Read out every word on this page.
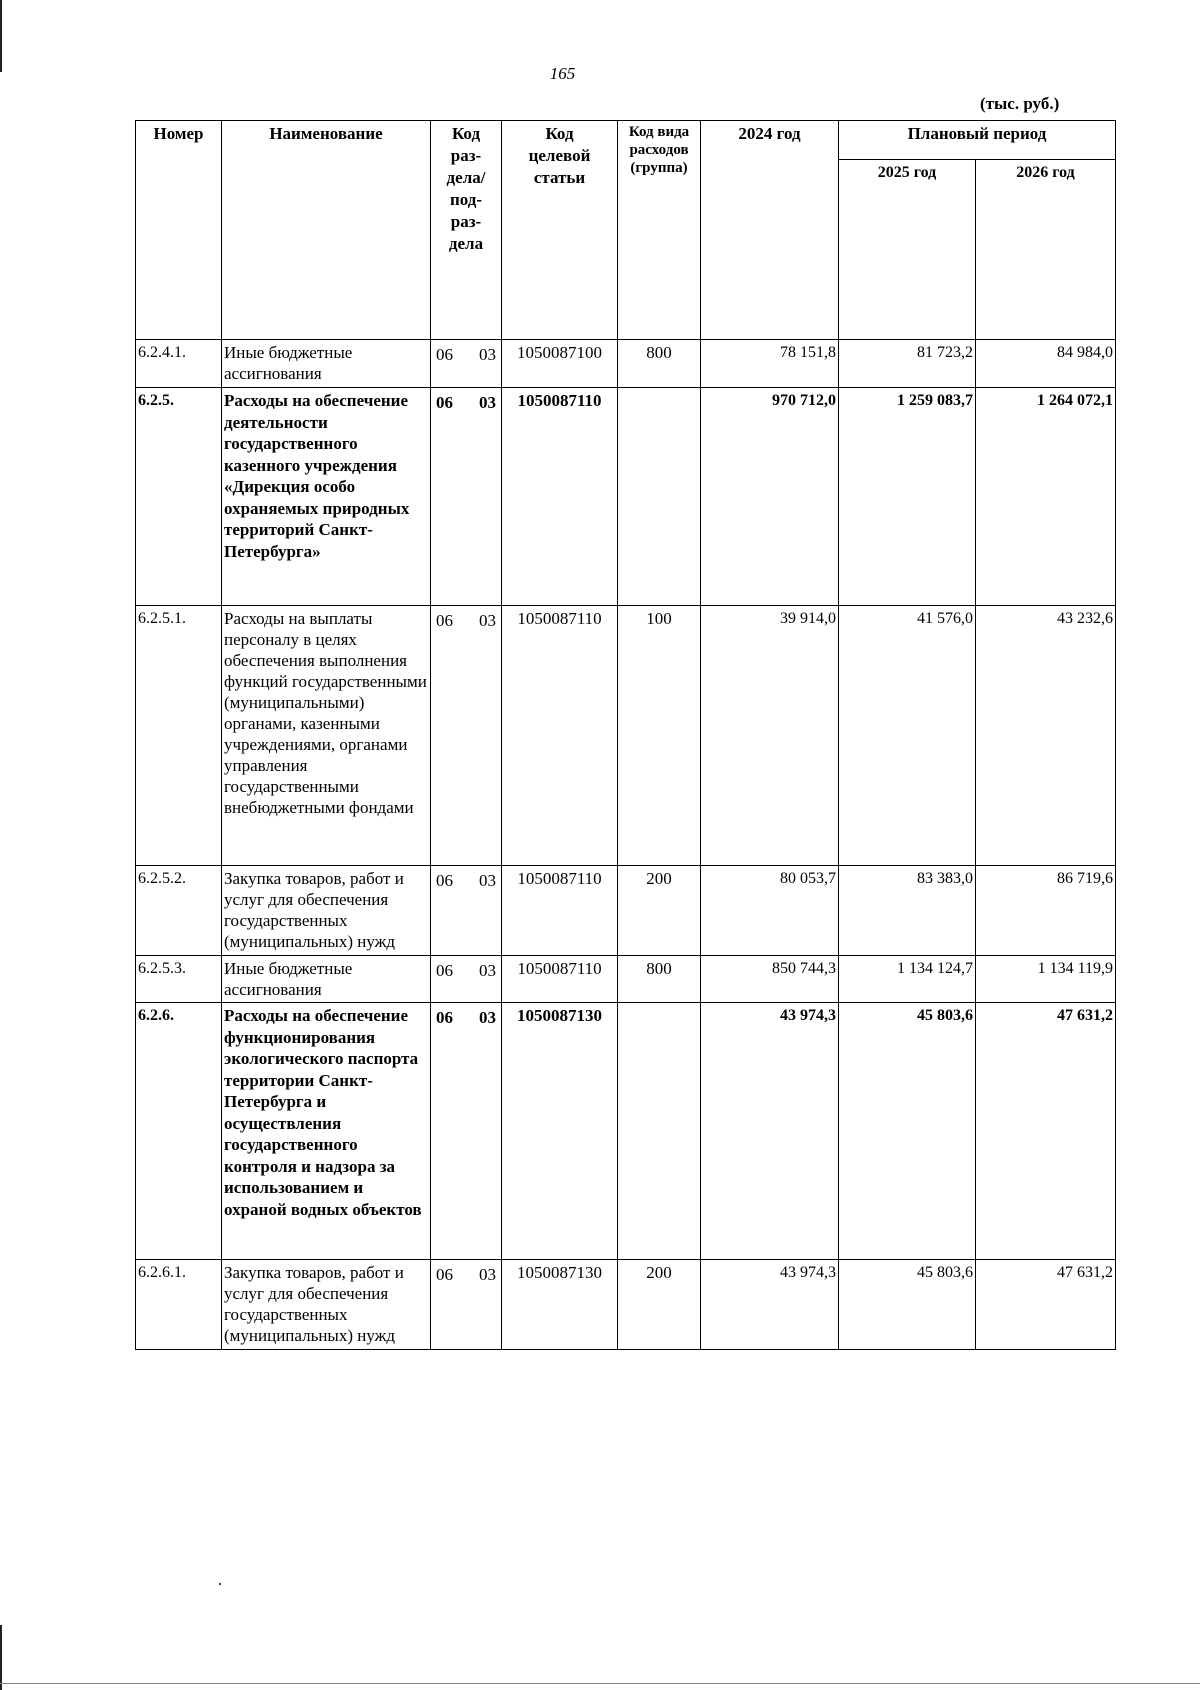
165
(тыс. руб.)
Номер	Наименование	Код раз- дела/ под- раз- дела	Код целевой статьи	Код вида расходов (группа)	2024 год	Плановый период	
						2025 год	2026 год
6.2.4.1.	Иные бюджетные ассигнования	06 03	1050087100	800	78 151,8	81 723,2	84 984,0
6.2.5.	Расходы на обеспечение деятельности государственного казенного учреждения «Дирекция особо охраняемых природных территорий Санкт-Петербурга»	06 03	1050087110		970 712,0	1 259 083,7	1 264 072,1
6.2.5.1.	Расходы на выплаты персоналу в целях обеспечения выполнения функций государственными (муниципальными) органами, казенными учреждениями, органами управления государственными внебюджетными фондами	06 03	1050087110	100	39 914,0	41 576,0	43 232,6
6.2.5.2.	Закупка товаров, работ и услуг для обеспечения государственных (муниципальных) нужд	06 03	1050087110	200	80 053,7	83 383,0	86 719,6
6.2.5.3.	Иные бюджетные ассигнования	06 03	1050087110	800	850 744,3	1 134 124,7	1 134 119,9
6.2.6.	Расходы на обеспечение функционирования экологического паспорта территории Санкт-Петербурга и осуществления государственного контроля и надзора за использованием и охраной водных объектов	06 03	1050087130		43 974,3	45 803,6	47 631,2
6.2.6.1.	Закупка товаров, работ и услуг для обеспечения государственных (муниципальных) нужд	06 03	1050087130	200	43 974,3	45 803,6	47 631,2
